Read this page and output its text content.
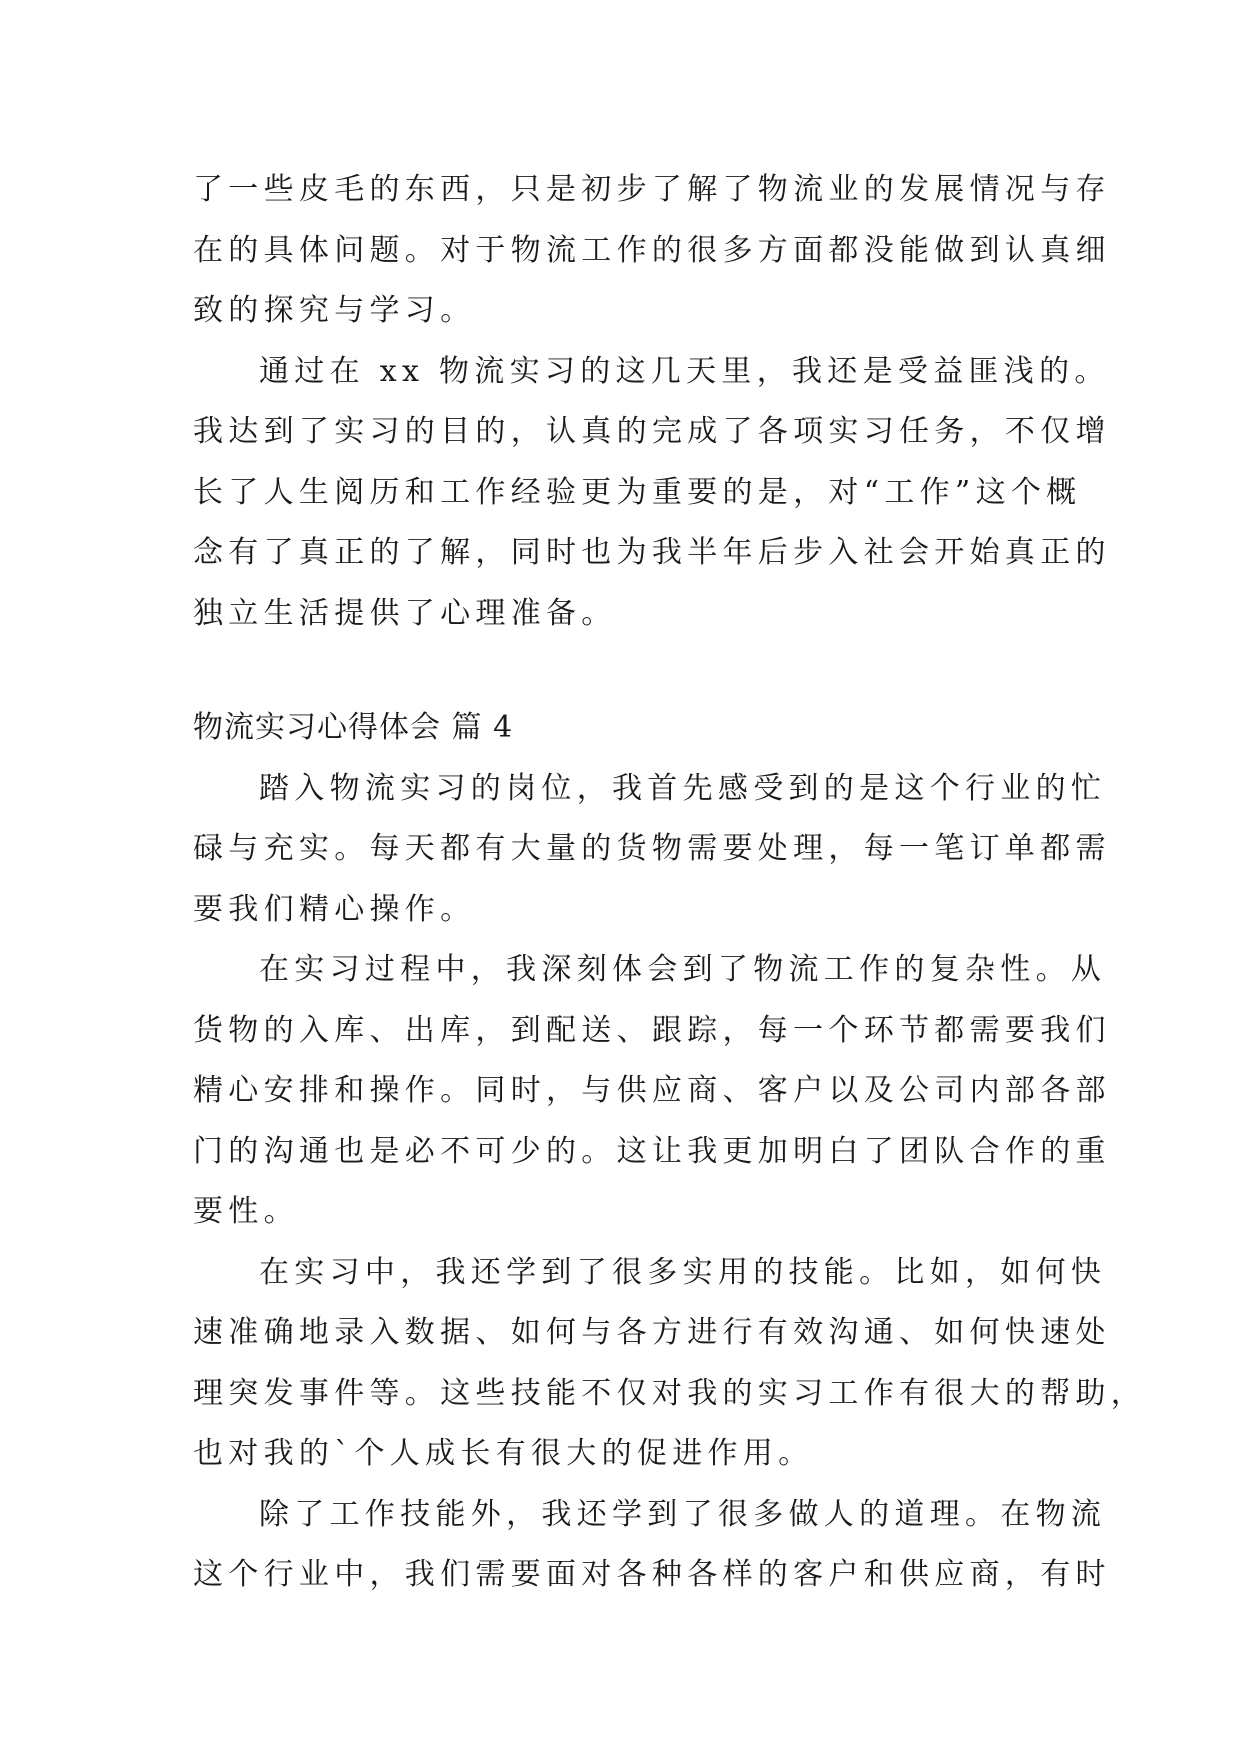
了一些皮毛的东西，只是初步了解了物流业的发展情况与存
在的具体问题。对于物流工作的很多方面都没能做到认真细
致的探究与学习。
通过在 xx 物流实习的这几天里，我还是受益匪浅的。
我达到了实习的目的，认真的完成了各项实习任务，不仅增
长了人生阅历和工作经验更为重要的是，对“工作”这个概
念有了真正的了解，同时也为我半年后步入社会开始真正的
独立生活提供了心理准备。
物流实习心得体会 篇 4
踏入物流实习的岗位，我首先感受到的是这个行业的忙
碌与充实。每天都有大量的货物需要处理，每一笔订单都需
要我们精心操作。
在实习过程中，我深刻体会到了物流工作的复杂性。从
货物的入库、出库，到配送、跟踪，每一个环节都需要我们
精心安排和操作。同时，与供应商、客户以及公司内部各部
门的沟通也是必不可少的。这让我更加明白了团队合作的重
要性。
在实习中，我还学到了很多实用的技能。比如，如何快
速准确地录入数据、如何与各方进行有效沟通、如何快速处
理突发事件等。这些技能不仅对我的实习工作有很大的帮助，
也对我的`个人成长有很大的促进作用。
除了工作技能外，我还学到了很多做人的道理。在物流
这个行业中，我们需要面对各种各样的客户和供应商，有时
